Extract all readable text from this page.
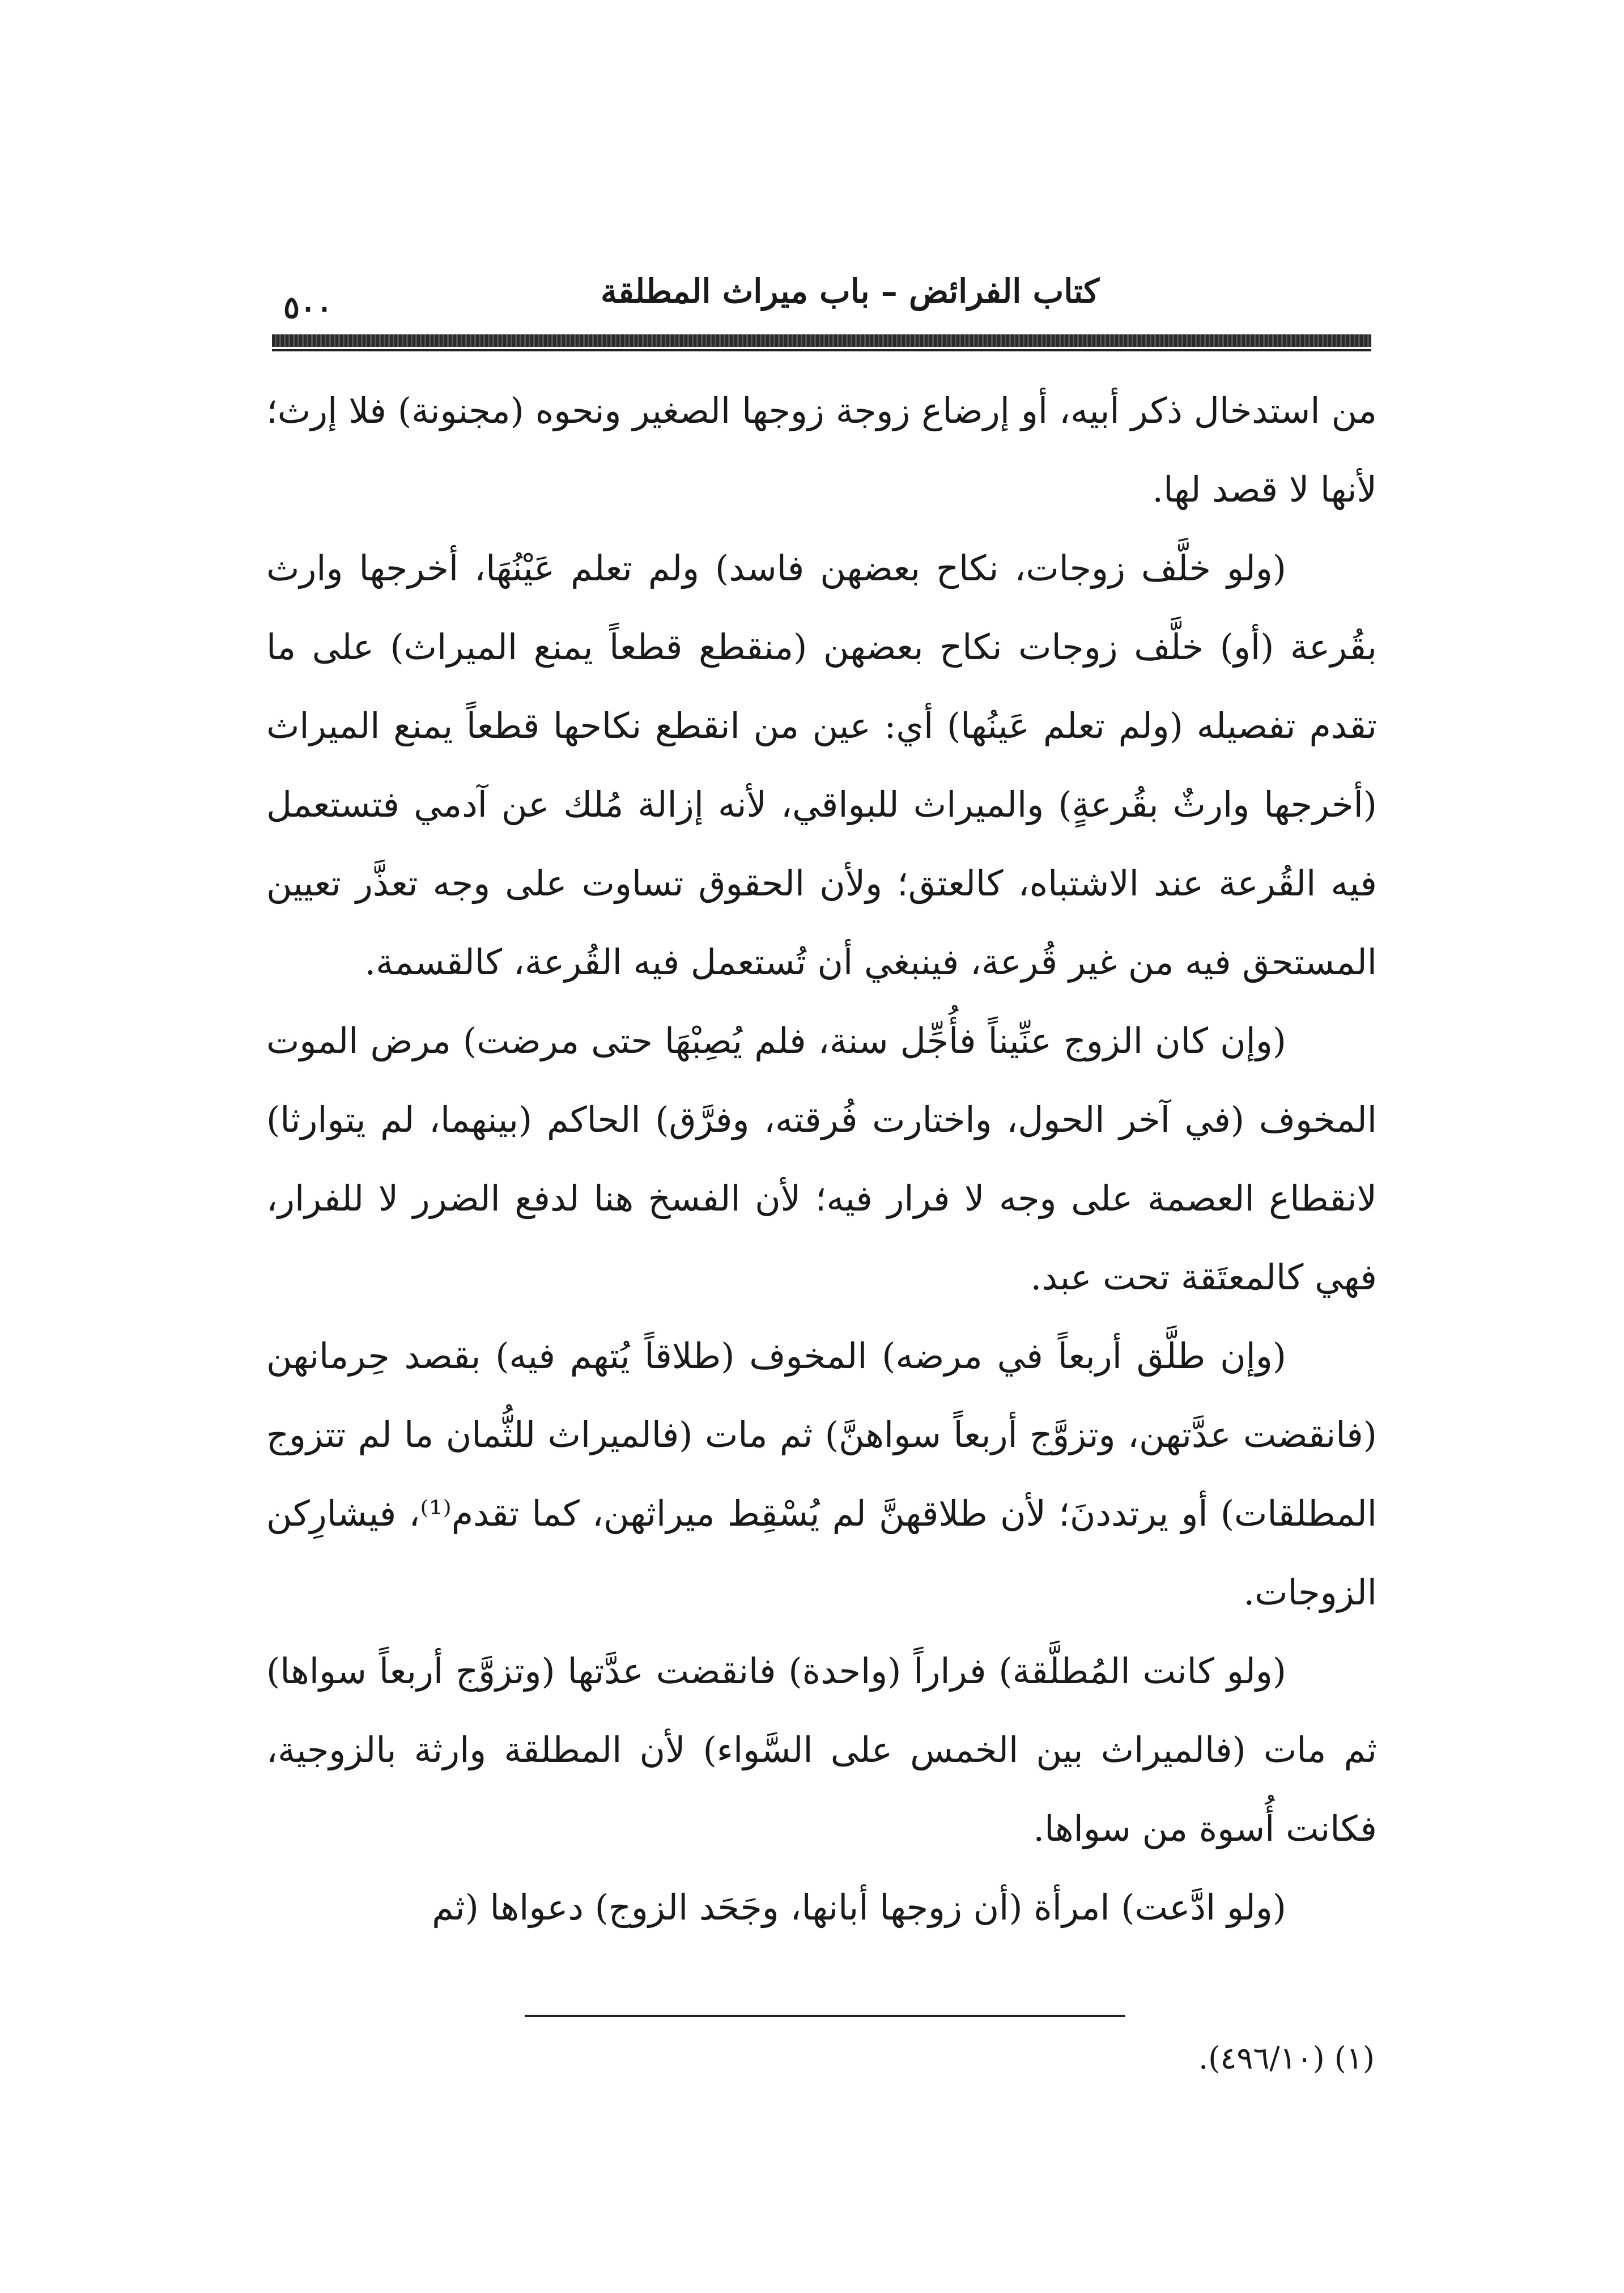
كتاب الفرائض – باب ميراث المطلقة
٥٠٠

من استدخال ذكر أبيه، أو إرضاع زوجة زوجها الصغير ونحوه (مجنونة) فلا إرث؛ لأنها لا قصد لها.

(ولو خلَّف زوجات، نكاح بعضهن فاسد) ولم تعلم عَيْنُهَا، أخرجها وارث بقُرعة (أو) خلَّف زوجات نكاح بعضهن (منقطع قطعاً يمنع الميراث) على ما تقدم تفصيله (ولم تعلم عَينُها) أي: عين من انقطع نكاحها قطعاً يمنع الميراث (أخرجها وارثٌ بقُرعةٍ) والميراث للبواقي، لأنه إزالة مُلك عن آدمي فتستعمل فيه القُرعة عند الاشتباه، كالعتق؛ ولأن الحقوق تساوت على وجه تعذَّر تعيين المستحق فيه من غير قُرعة، فينبغي أن تُستعمل فيه القُرعة، كالقسمة.

(وإن كان الزوج عنِّيناً فأُجِّل سنة، فلم يُصِبْهَا حتى مرضت) مرض الموت المخوف (في آخر الحول، واختارت فُرقته، وفرَّق) الحاكم (بينهما، لم يتوارثا) لانقطاع العصمة على وجه لا فرار فيه؛ لأن الفسخ هنا لدفع الضرر لا للفرار، فهي كالمعتَقة تحت عبد.

(وإن طلَّق أربعاً في مرضه) المخوف (طلاقاً يُتهم فيه) بقصد حِرمانهن (فانقضت عدَّتهن، وتزوَّج أربعاً سواهنَّ) ثم مات (فالميراث للثُّمان ما لم تتزوج المطلقات) أو يرتددنَ؛ لأن طلاقهنَّ لم يُسْقِط ميراثهن، كما تقدم⁽¹⁾، فيشارِكن الزوجات.

(ولو كانت المُطلَّقة) فراراً (واحدة) فانقضت عدَّتها (وتزوَّج أربعاً سواها) ثم مات (فالميراث بين الخمس على السَّواء) لأن المطلقة وارثة بالزوجية، فكانت أُسوة من سواها.

(ولو ادَّعت) امرأة (أن زوجها أبانها، وجَحَد الزوج) دعواها (ثم

(١) (٤٩٦/١٠).
